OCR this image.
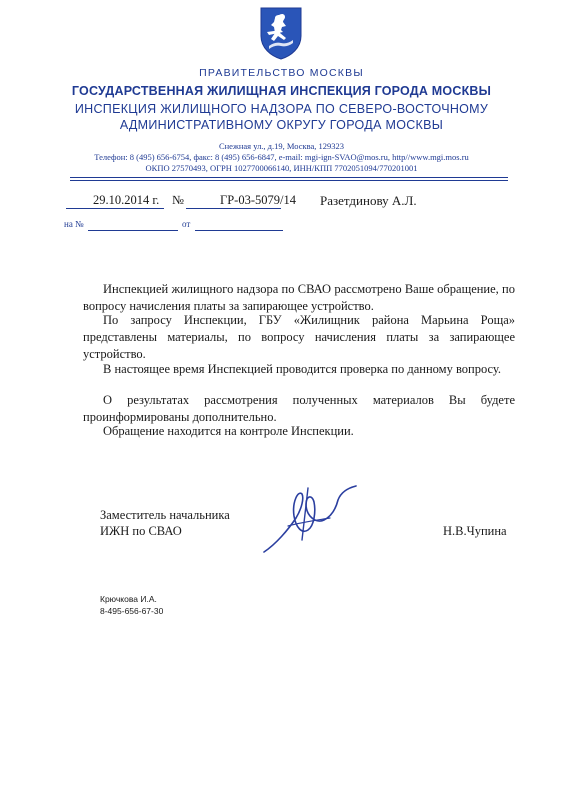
ПРАВИТЕЛЬСТВО МОСКВЫ
ГОСУДАРСТВЕННАЯ ЖИЛИЩНАЯ ИНСПЕКЦИЯ ГОРОДА МОСКВЫ
ИНСПЕКЦИЯ ЖИЛИЩНОГО НАДЗОРА ПО СЕВЕРО-ВОСТОЧНОМУ
АДМИНИСТРАТИВНОМУ ОКРУГУ ГОРОДА МОСКВЫ
Снежная ул., д.19, Москва, 129323
Телефон: 8 (495) 656-6754, факс: 8 (495) 656-6847, e-mail: mgi-ign-SVAO@mos.ru, http//www.mgi.mos.ru
ОКПО 27570493, ОГРН 1027700066140, ИНН/КПП 7702051094/770201001
29.10.2014 г. №	ГР-03-5079/14 Разетдинову А.Л.
на №	от
Инспекцией жилищного надзора по СВАО рассмотрено Ваше обращение, по вопросу начисления платы за запирающее устройство.
По запросу Инспекции, ГБУ «Жилищник района Марьина Роща» представлены материалы, по вопросу начисления платы за запирающее устройство.
В настоящее время Инспекцией проводится проверка по данному вопросу.
О результатах рассмотрения полученных материалов Вы будете проинформированы дополнительно.
Обращение находится на контроле Инспекции.
Заместитель начальника
ИЖН по СВАО	Н.В.Чупина
Крючкова И.А.
8-495-656-67-30
